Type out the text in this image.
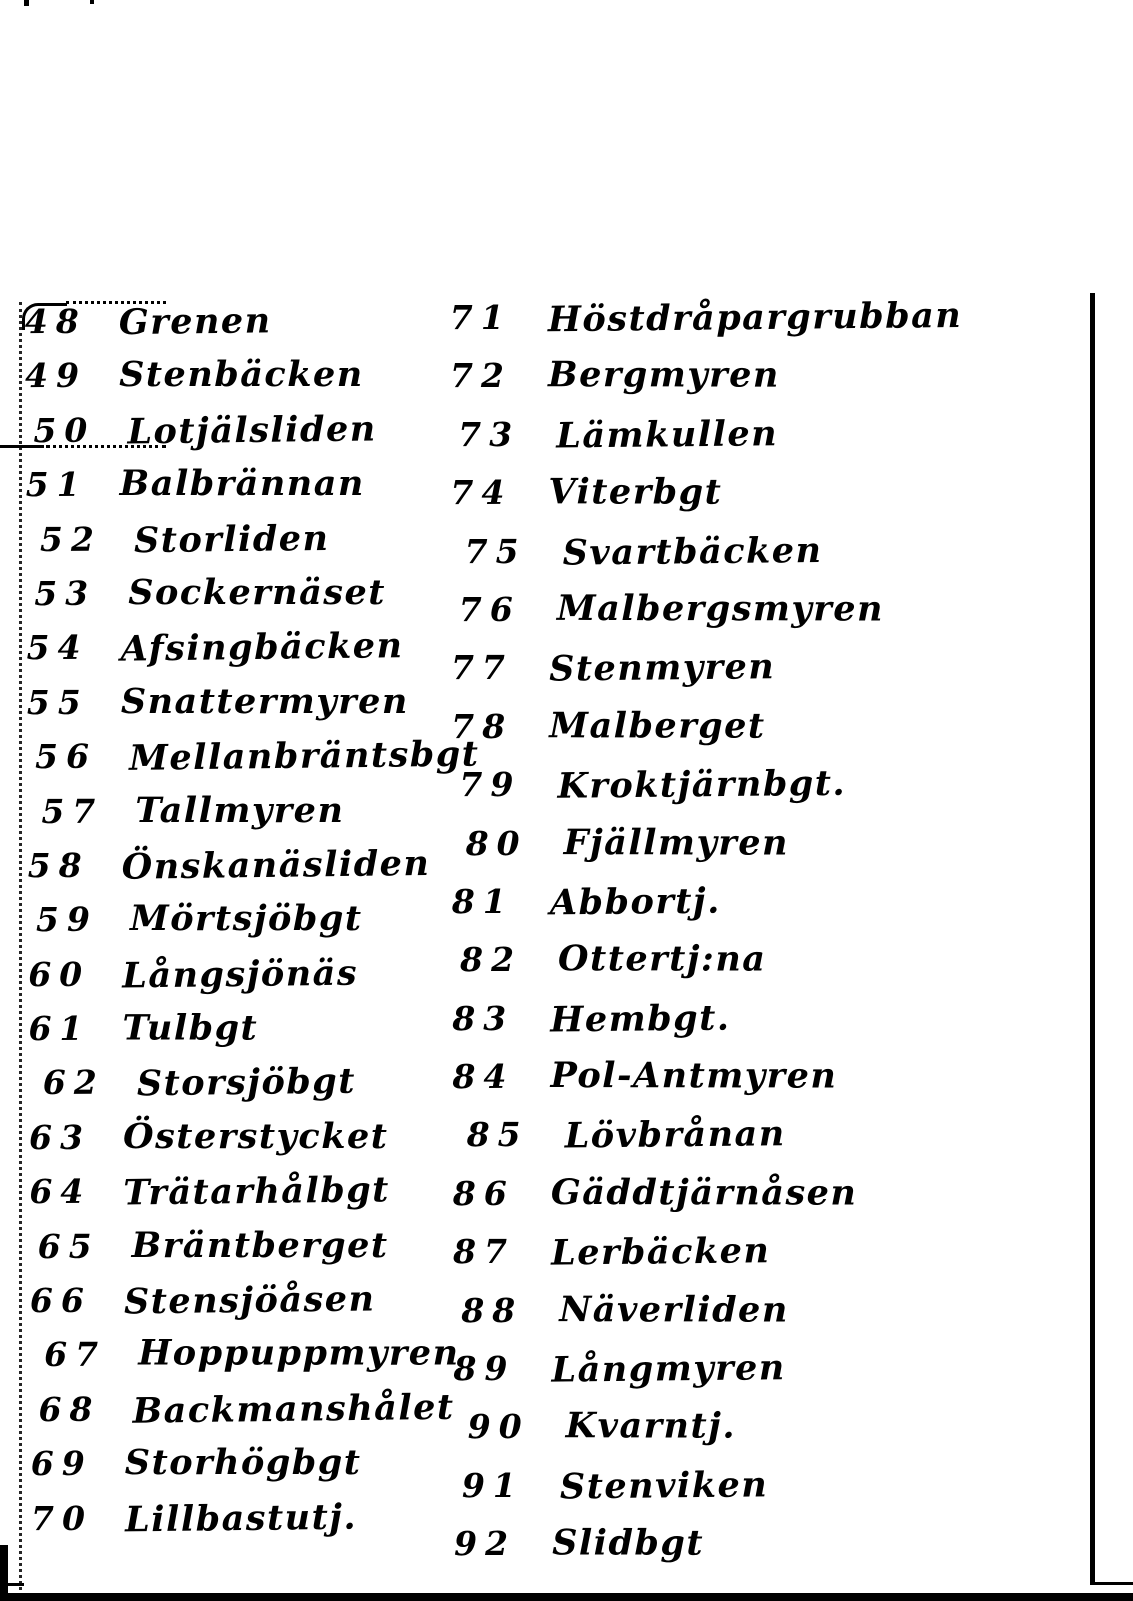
48 Grenen
49 Stenbäcken
50 Lotjälsliden
51 Balbrännan
52 Storliden
53 Sockernäset
54 Afsingbäcken
55 Snattermyren
56 Mellanbräntsbgt
57 Tallmyren
58 Önskanäsliden
59 Mörtsjöbgt
60 Långsjönäs
61 Tulbgt
62 Storsjöbgt
63 Österstycket
64 Trätarhålbgt
65 Bräntberget
66 Stensjöåsen
67 Hoppuppmyren
68 Backmanshålet
69 Storhögbgt
70 Lillbastutj.
71	Höstdråpargrubban
72	Bergmyren
73	Lämkullen
74	Viterbgt
75	Svartbäcken
76	Malbergsmyren
77	Stenmyren
78	Malberget
79	Kroktjärnbgt.
80	Fjällmyren
81	Abbortj.
82	Ottertj:na
83	Hembgt.
84	Pol-Antmyren
85	Lövbrånan
86	Gäddtjärnåsen
87	Lerbäcken
88	Näverliden
89	Långmyren
90	Kvarntj.
91	Stenviken
92	Slidbgt
